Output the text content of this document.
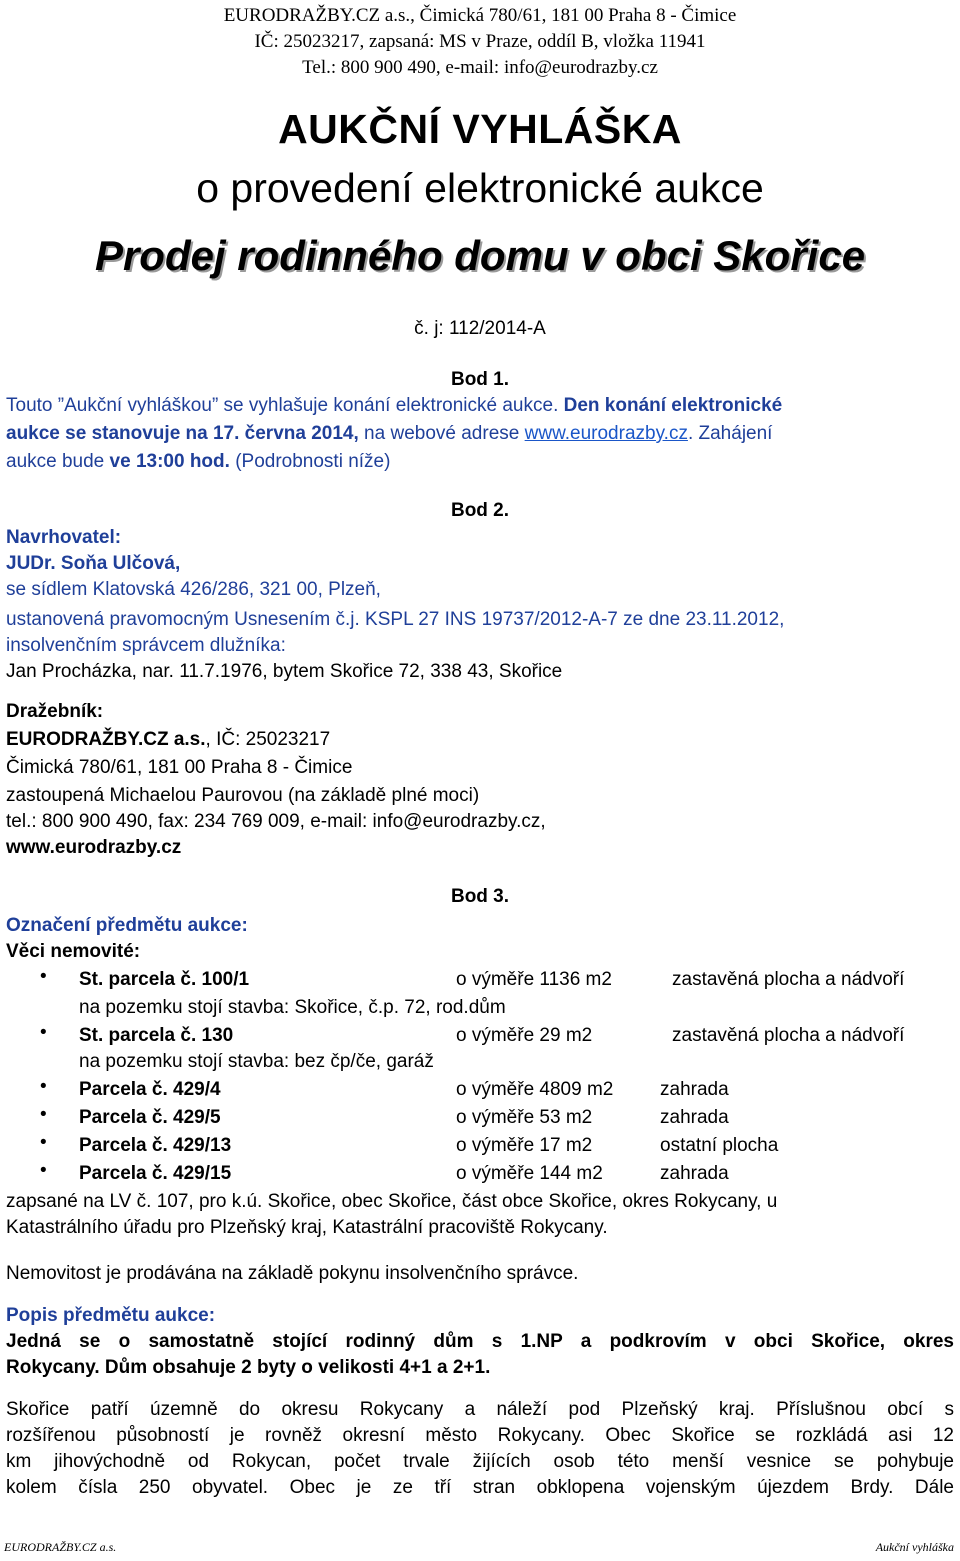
EURODRAŽBY.CZ a.s., Čimická 780/61, 181 00 Praha 8 - Čimice
IČ: 25023217, zapsaná: MS v Praze, oddíl B, vložka 11941
Tel.: 800 900 490, e-mail: info@eurodrazby.cz
AUKČNÍ VYHLÁŠKA
o provedení elektronické aukce
Prodej rodinného domu v obci Skořice
č. j: 112/2014-A
Bod 1.
Touto ”Aukční vyhláškou” se vyhlašuje konání elektronické aukce. Den konání elektronické
aukce se stanovuje na 17. června 2014, na webové adrese www.eurodrazby.cz. Zahájení
aukce bude ve 13:00 hod. (Podrobnosti níže)
Bod 2.
Navrhovatel:
JUDr. Soňa Ulčová,
se sídlem Klatovská 426/286, 321 00, Plzeň,
ustanovená pravomocným Usnesením č.j. KSPL 27 INS 19737/2012-A-7 ze dne 23.11.2012,
insolvenčním správcem dlužníka:
Jan Procházka, nar. 11.7.1976, bytem Skořice 72, 338 43, Skořice
Dražebník:
EURODRAŽBY.CZ a.s., IČ: 25023217
Čimická 780/61, 181 00 Praha 8 - Čimice
zastoupená Michaelou Paurovou (na základě plné moci)
tel.: 800 900 490, fax: 234 769 009, e-mail: info@eurodrazby.cz,
www.eurodrazby.cz
Bod 3.
Označení předmětu aukce:
Věci nemovité:
• St. parcela č. 100/1	o výměře 1136 m2	zastavěná plocha a nádvoří
na pozemku stojí stavba: Skořice, č.p. 72, rod.dům
• St. parcela č. 130	o výměře 29 m2	zastavěná plocha a nádvoří
na pozemku stojí stavba: bez čp/če, garáž
• Parcela č. 429/4	o výměře 4809 m2 zahrada
• Parcela č. 429/5	o výměře 53 m2	zahrada
• Parcela č. 429/13	o výměře 17 m2	ostatní plocha
• Parcela č. 429/15	o výměře 144 m2	zahrada
zapsané na LV č. 107, pro k.ú. Skořice, obec Skořice, část obce Skořice, okres Rokycany, u
Katastrálního úřadu pro Plzeňský kraj, Katastrální pracoviště Rokycany.
Nemovitost je prodávána na základě pokynu insolvenčního správce.
Popis předmětu aukce:
Jedná se o samostatně stojící rodinný dům s 1.NP a podkrovím v obci Skořice, okres
Rokycany. Dům obsahuje 2 byty o velikosti 4+1 a 2+1.
Skořice patří územně do okresu Rokycany a náleží pod Plzeňský kraj. Příslušnou obcí s
rozšířenou působností je rovněž okresní město Rokycany. Obec Skořice se rozkládá asi 12
km jihovýchodně od Rokycan, počet trvale žijících osob této menší vesnice se pohybuje
kolem čísla 250 obyvatel. Obec je ze tří stran obklopena vojenským újezdem Brdy. Dále
EURODRAŽBY.CZ a.s.	Aukční vyhláška
